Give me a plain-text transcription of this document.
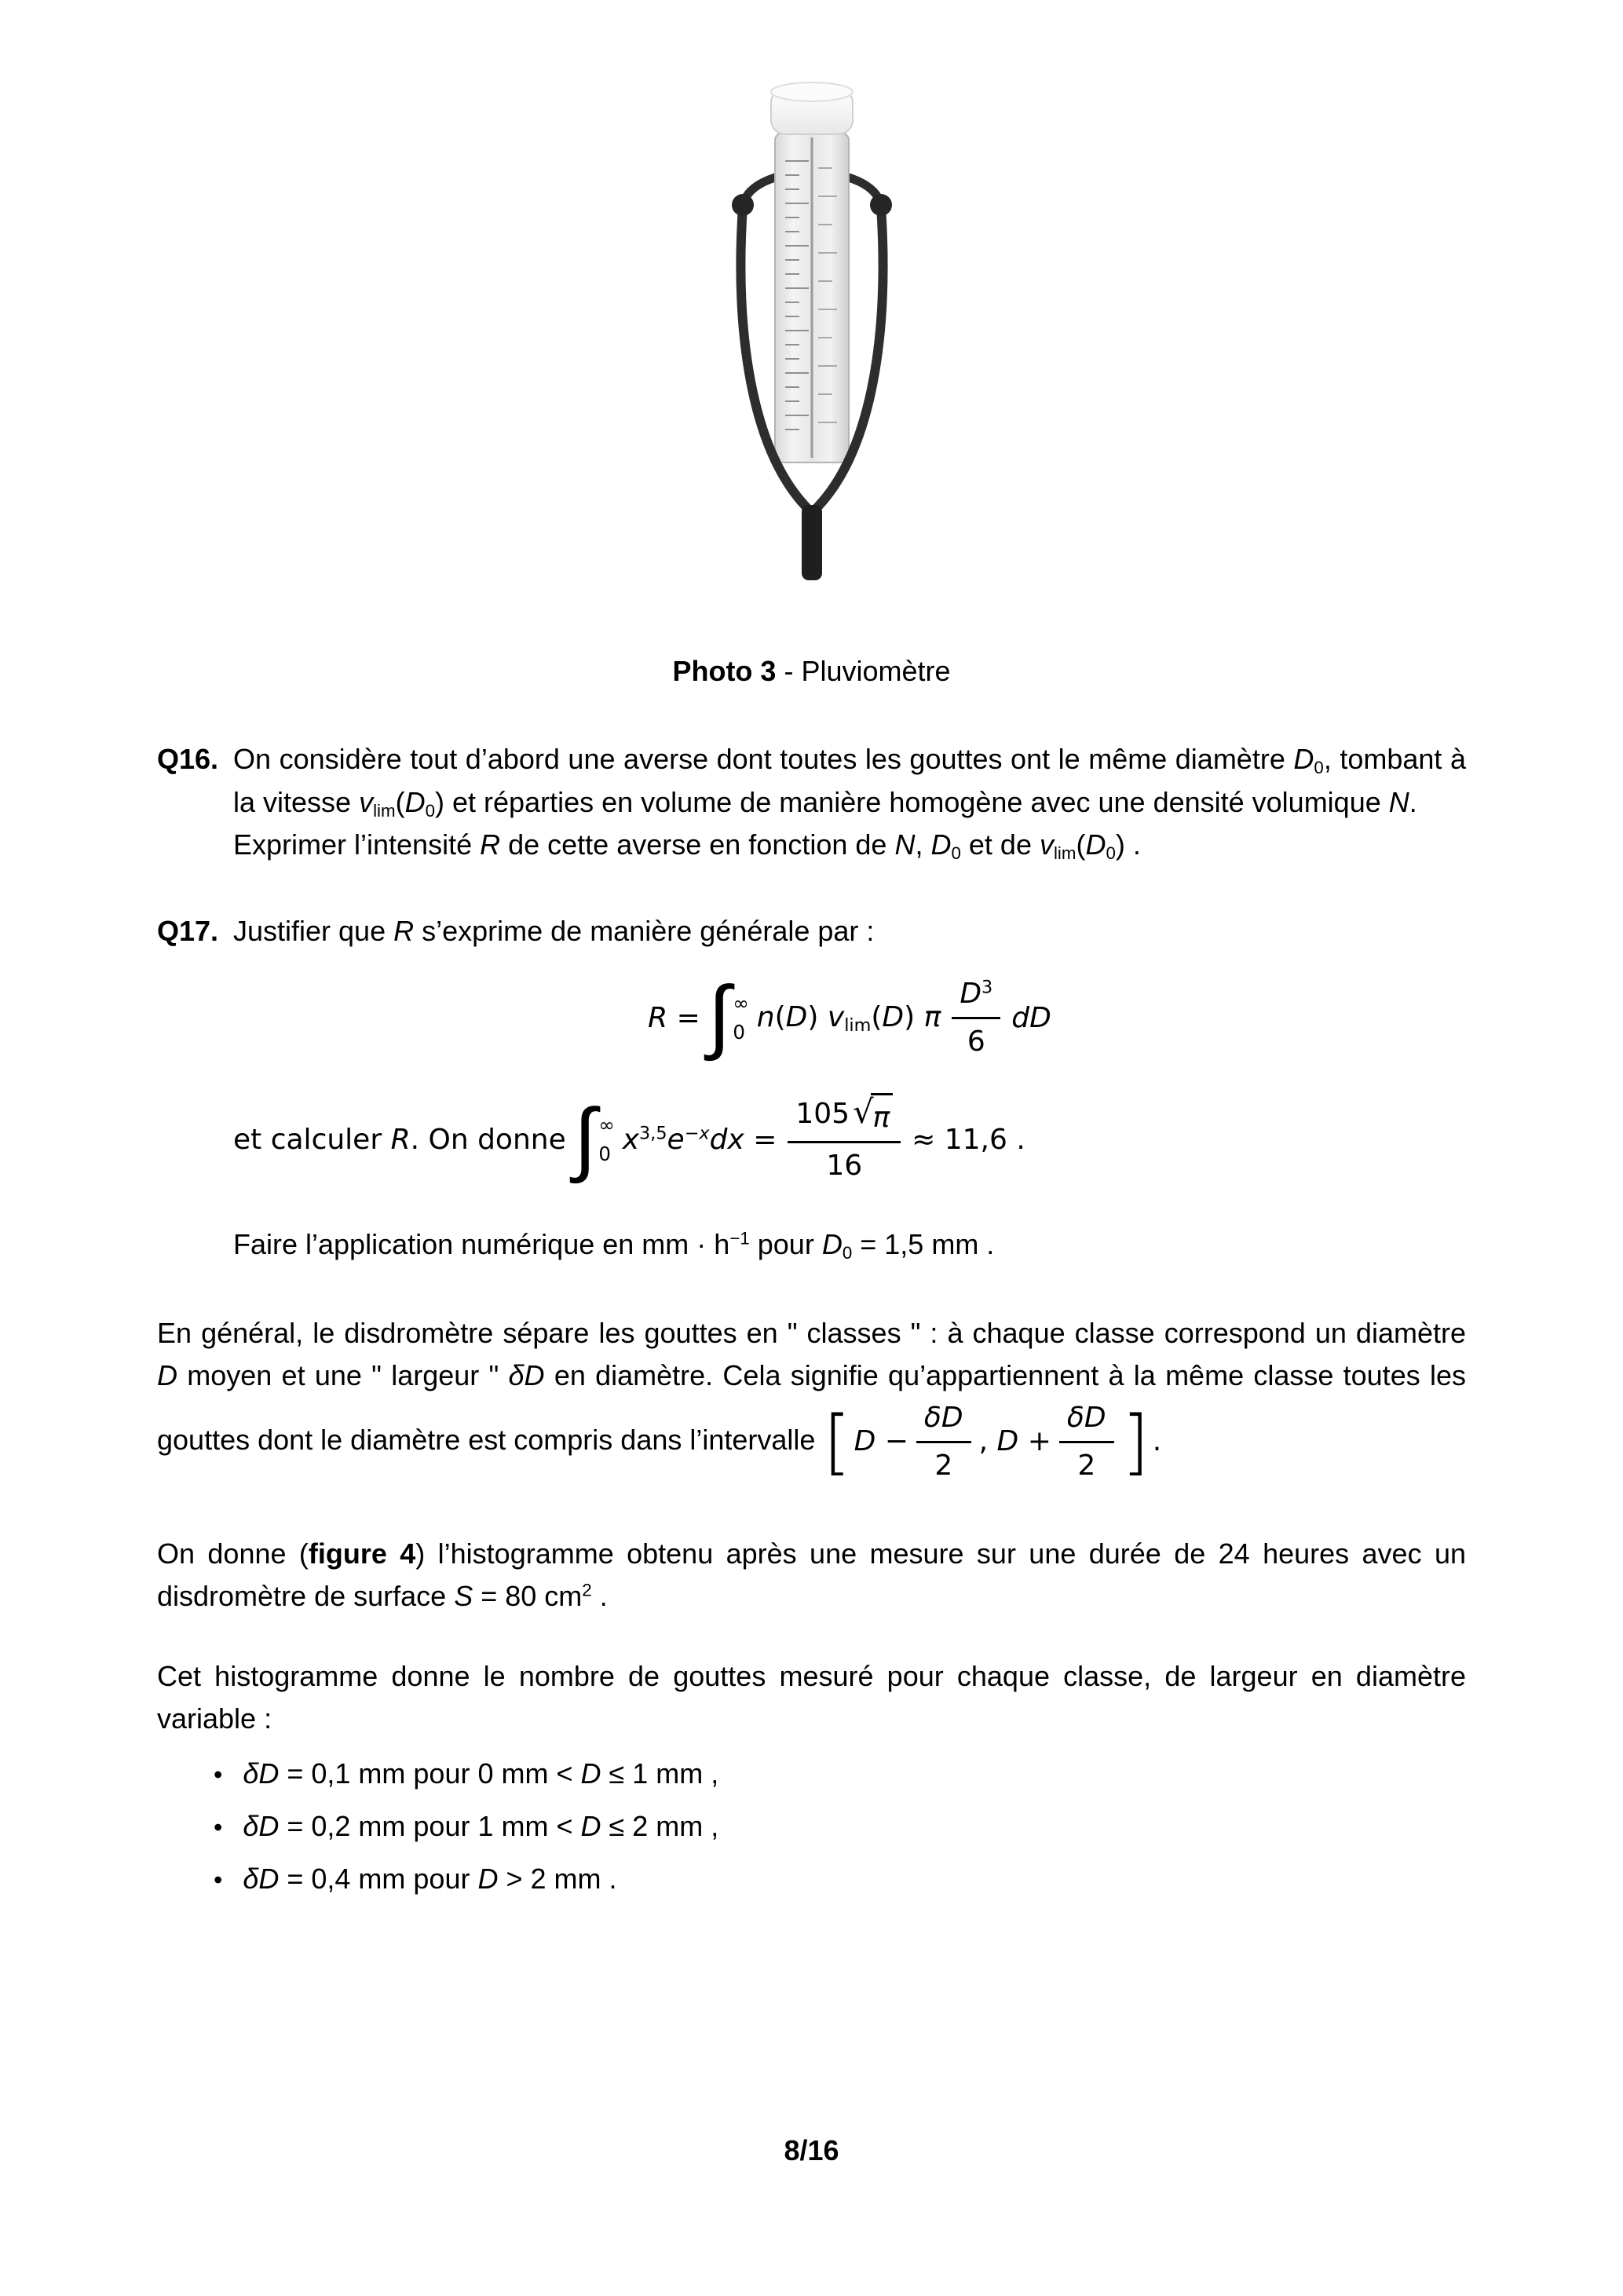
Photo 3 - Pluviomètre
Q16. On considère tout d’abord une averse dont toutes les gouttes ont le même diamètre $D_0$, tombant à la vitesse $v_{lim}(D_0)$ et réparties en volume de manière homogène avec une densité volumique N.

Exprimer l’intensité R de cette averse en fonction de N, $D_0$ et de $v_{lim}(D_0)$ .

Q17. Justifier que R s’exprime de manière générale par :

R = ∫ ∞
0 n(D) $v_{lim}(D)$ π $\frac{D^3}{6}$ dD
et calculer R. On donne ∫ ∞
0 $x^{3,5}e^{-x}dx = \frac{105 √ \pi}{16} \approx 11,6$ .

Faire l’application numérique en mm · $h^{-1}$ pour $D_0 = 1,5$ mm .

En général, le disdromètre sépare les gouttes en " classes " : à chaque classe correspond un diamètre D moyen et une " largeur " δD en diamètre. Cela signifie qu’appartiennent à la même classe toutes les gouttes dont le diamètre est compris dans l’intervalle [ $D - \frac{\delta D}{2}$ , $D + \frac{\delta D}{2}$ ] .

On donne (figure 4) l’histogramme obtenu après une mesure sur une durée de 24 heures avec un disdromètre de surface S = 80 $cm^2$ .

Cet histogramme donne le nombre de gouttes mesuré pour chaque classe, de largeur en diamètre variable :

• δD = 0,1 mm pour 0 mm < D ≤ 1 mm ,
• δD = 0,2 mm pour 1 mm < D ≤ 2 mm ,
• δD = 0,4 mm pour D > 2 mm .
8/16
